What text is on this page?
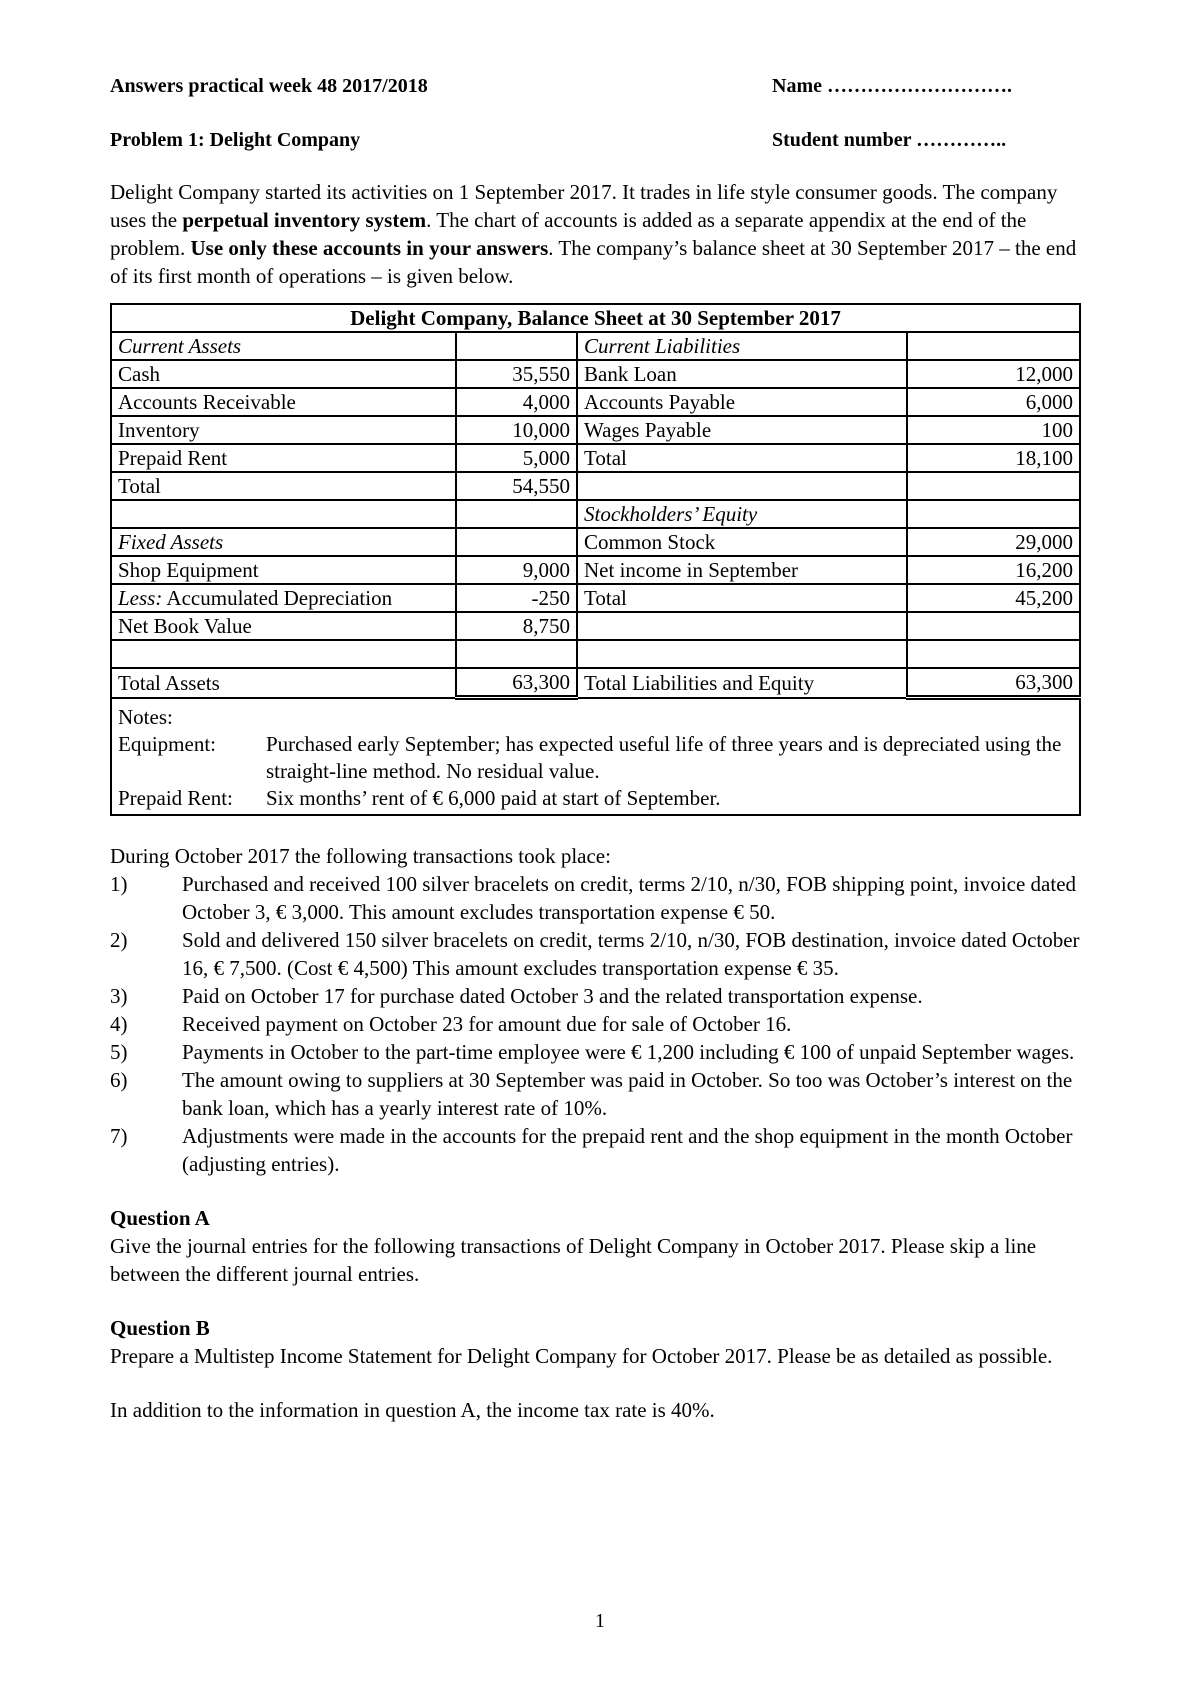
Answers practical week 48 2017/2018	Name ……………………….
Problem 1: Delight Company	Student number …………..
Delight Company started its activities on 1 September 2017. It trades in life style consumer goods. The company uses the perpetual inventory system. The chart of accounts is added as a separate appendix at the end of the problem. Use only these accounts in your answers. The company’s balance sheet at 30 September 2017 – the end of its first month of operations – is given below.
Delight Company, Balance Sheet at 30 September 2017			
Current Assets		Current Liabilities	
Cash	35,550	Bank Loan	12,000
Accounts Receivable	4,000	Accounts Payable	6,000
Inventory	10,000	Wages Payable	100
Prepaid Rent	5,000	Total	18,100
Total	54,550		
		Stockholders’ Equity	
Fixed Assets		Common Stock	29,000
Shop Equipment	9,000	Net income in September	16,200
Less: Accumulated Depreciation	-250	Total	45,200
Net Book Value	8,750		

Total Assets	63,300	Total Liabilities and Equity	63,300

Notes:
Equipment: Purchased early September; has expected useful life of three years and is depreciated using the straight-line method. No residual value.
Prepaid Rent: Six months’ rent of € 6,000 paid at start of September.			
During October 2017 the following transactions took place:
1)	Purchased and received 100 silver bracelets on credit, terms 2/10, n/30, FOB shipping point, invoice dated October 3, € 3,000. This amount excludes transportation expense € 50.
2)	Sold and delivered 150 silver bracelets on credit, terms 2/10, n/30, FOB destination, invoice dated October 16, € 7,500. (Cost € 4,500) This amount excludes transportation expense € 35.
3)	Paid on October 17 for purchase dated October 3 and the related transportation expense.
4)	Received payment on October 23 for amount due for sale of October 16.
5)	Payments in October to the part-time employee were € 1,200 including € 100 of unpaid September wages.
6)	The amount owing to suppliers at 30 September was paid in October. So too was October’s interest on the bank loan, which has a yearly interest rate of 10%.
7)	Adjustments were made in the accounts for the prepaid rent and the shop equipment in the month October (adjusting entries).
Question A
Give the journal entries for the following transactions of Delight Company in October 2017. Please skip a line between the different journal entries.
Question B
Prepare a Multistep Income Statement for Delight Company for October 2017. Please be as detailed as possible.
In addition to the information in question A, the income tax rate is 40%.
1
